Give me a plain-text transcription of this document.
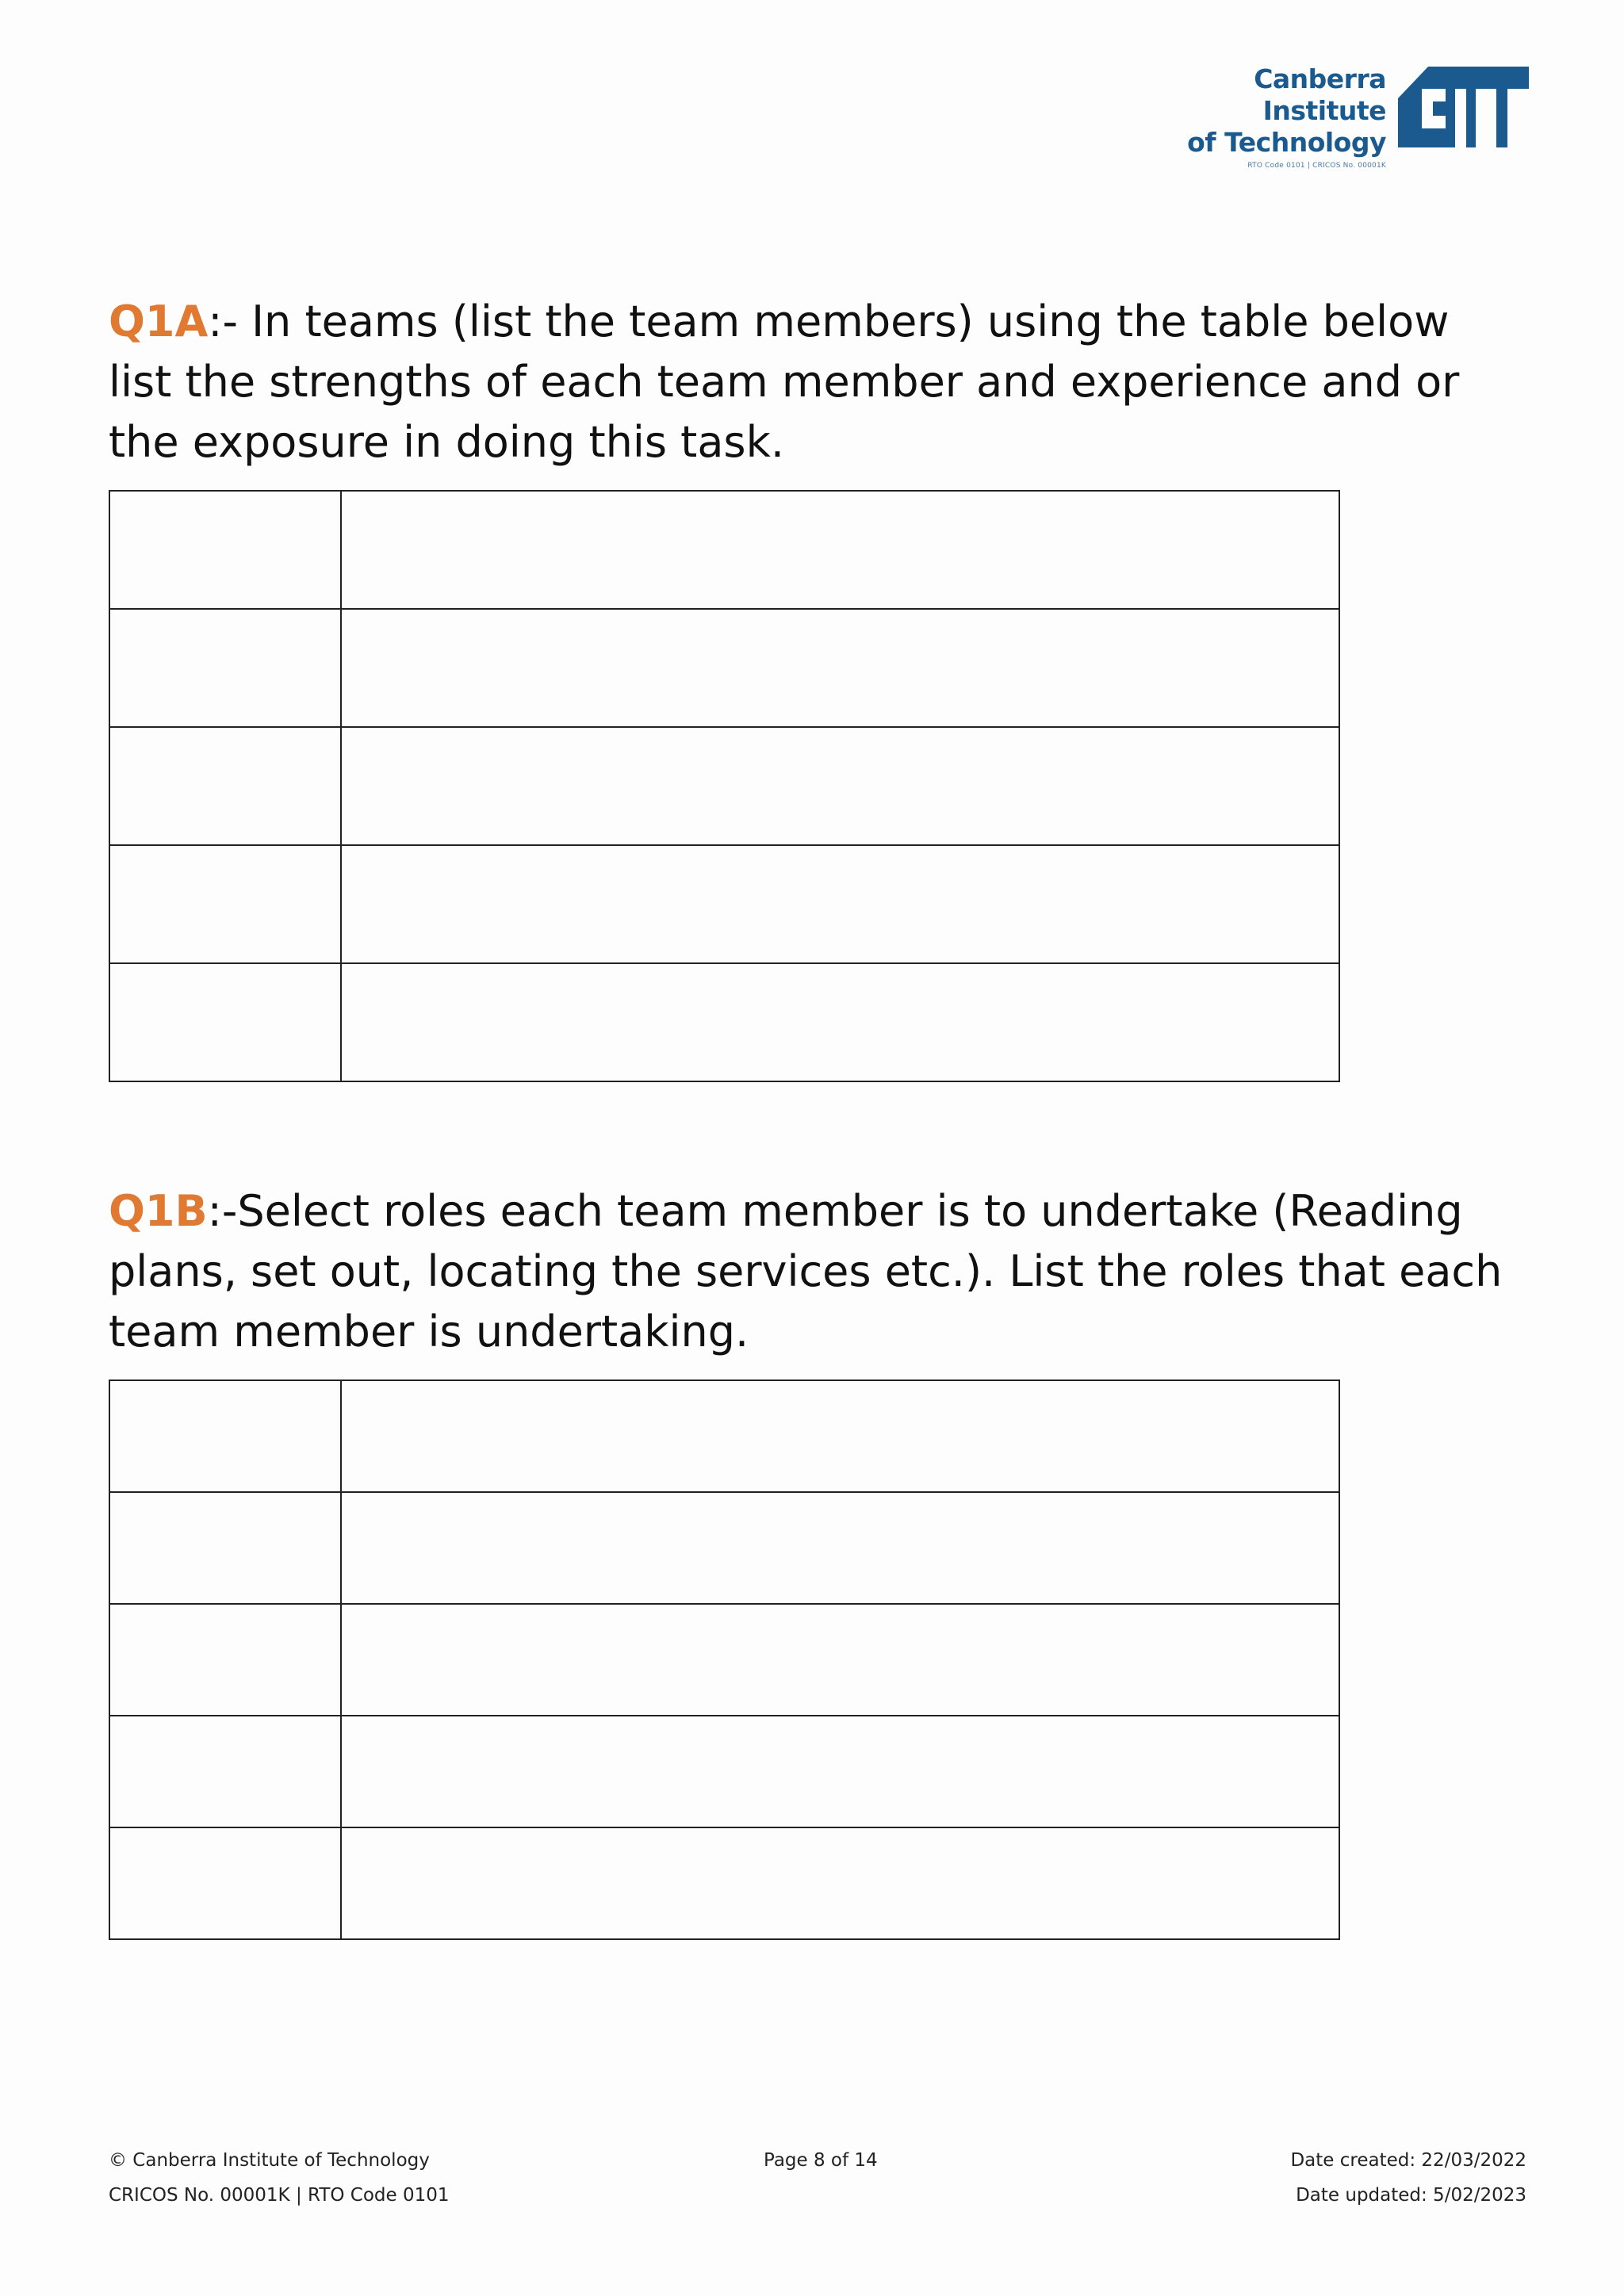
Canberra Institute
of Technology
RTO Code 0101 | CRICOS No. 00001K

Q1A:- In teams (list the team members) using the table below list the strengths of each team member and experience and or the exposure in doing this task.

Q1B:-Select roles each team member is to undertake (Reading plans, set out, locating the services etc.). List the roles that each team member is undertaking.

© Canberra Institute of Technology	Page 8 of 14	Date created: 22/03/2022
CRICOS No. 00001K | RTO Code 0101	Date updated: 5/02/2023
